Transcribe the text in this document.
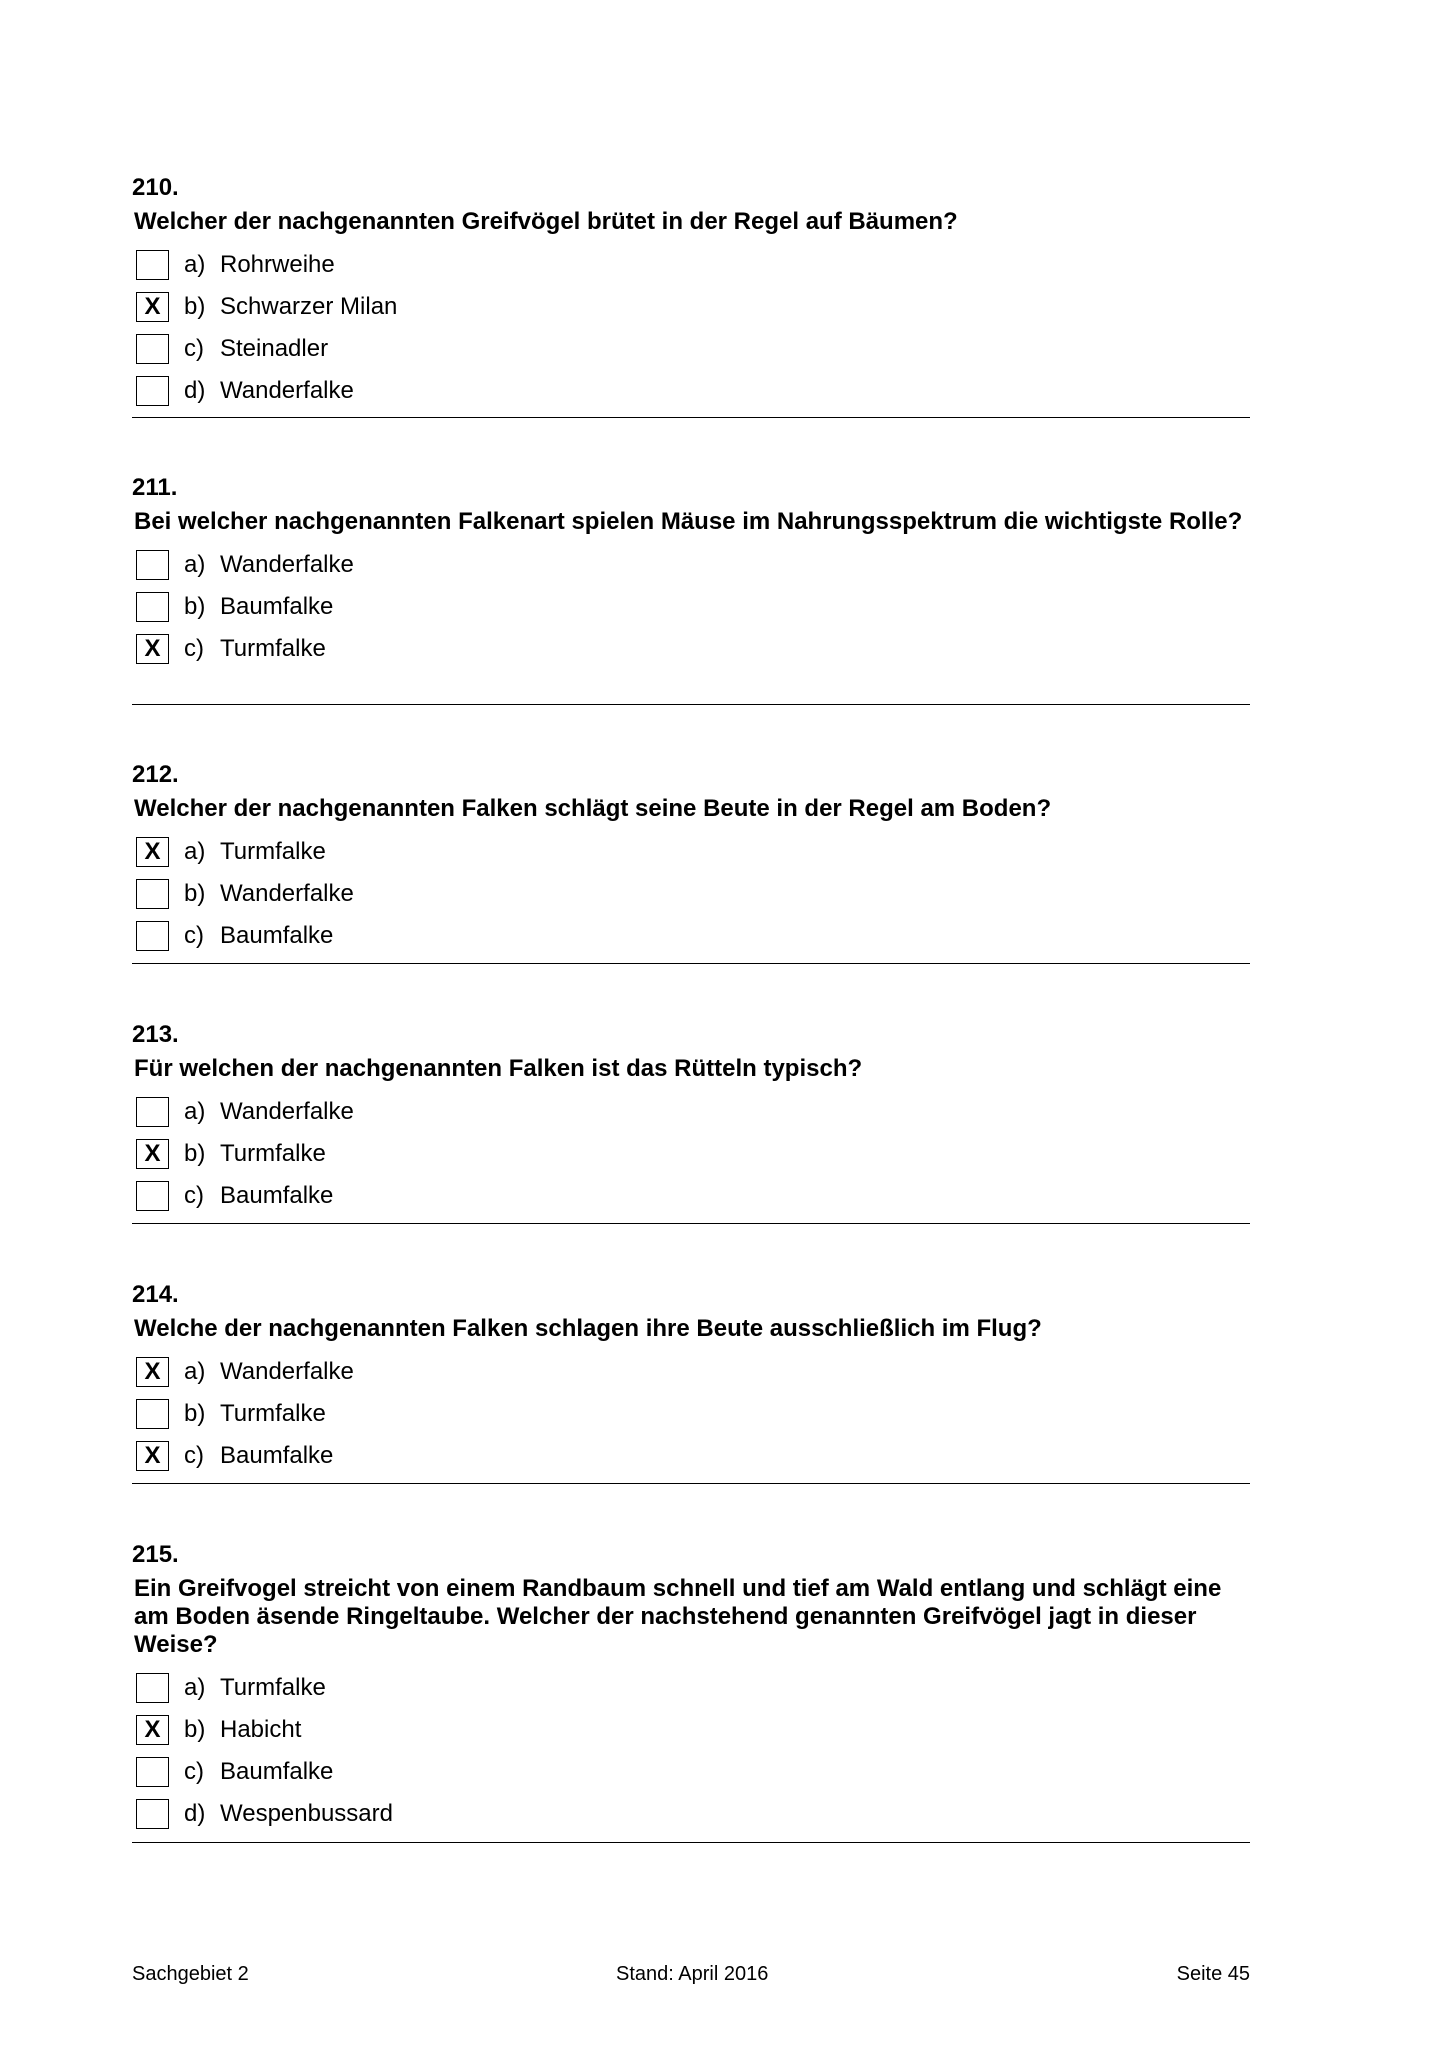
210.
Welcher der nachgenannten Greifvögel brütet in der Regel auf Bäumen?
a) Rohrweihe
X b) Schwarzer Milan
c) Steinadler
d) Wanderfalke
211.
Bei welcher nachgenannten Falkenart spielen Mäuse im Nahrungsspektrum die wichtigste Rolle?
a) Wanderfalke
b) Baumfalke
X c) Turmfalke
212.
Welcher der nachgenannten Falken schlägt seine Beute in der Regel am Boden?
X a) Turmfalke
b) Wanderfalke
c) Baumfalke
213.
Für welchen der nachgenannten Falken ist das Rütteln typisch?
a) Wanderfalke
X b) Turmfalke
c) Baumfalke
214.
Welche der nachgenannten Falken schlagen ihre Beute ausschließlich im Flug?
X a) Wanderfalke
b) Turmfalke
X c) Baumfalke
215.
Ein Greifvogel streicht von einem Randbaum schnell und tief am Wald entlang und schlägt eine am Boden äsende Ringeltaube. Welcher der nachstehend genannten Greifvögel jagt in dieser Weise?
a) Turmfalke
X b) Habicht
c) Baumfalke
d) Wespenbussard
Sachgebiet 2	Stand: April 2016	Seite 45
